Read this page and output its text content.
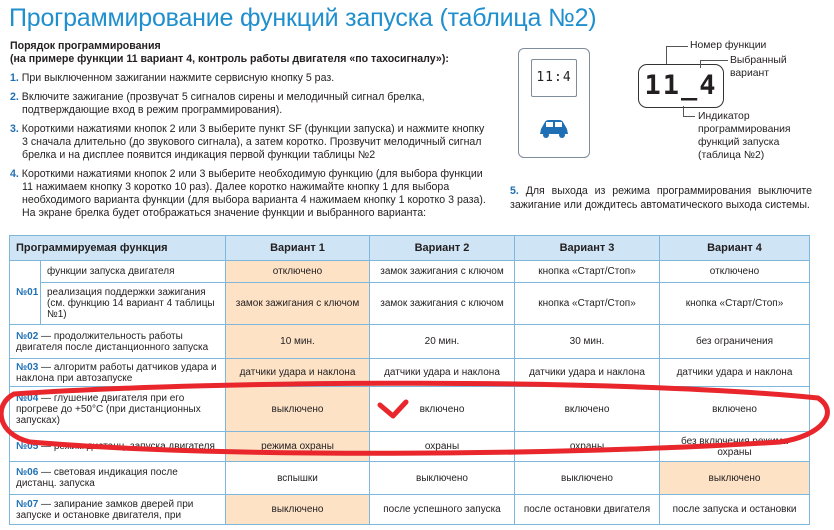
Программирование функций запуска (таблица №2)
Порядок программирования
(на примере функции 11 вариант 4, контроль работы двигателя «по тахосигналу»):
1. При выключенном зажигании нажмите сервисную кнопку 5 раз.
2. Включите зажигание (прозвучат 5 сигналов сирены и мелодичный сигнал брелка,
подтверждающие вход в режим программирования).
3. Короткими нажатиями кнопок 2 или 3 выберите пункт SF (функции запуска) и нажмите кнопку
3 сначала длительно (до звукового сигнала), а затем коротко. Прозвучит мелодичный сигнал брелка и на дисплее появится индикация первой функции таблицы №2
4. Короткими нажатиями кнопок 2 или 3 выберите необходимую функцию (для выбора функции
11 нажимаем кнопку 3 коротко 10 раз). Далее коротко нажимайте кнопку 1 для выбора необходимого варианта функции (для выбора варианта 4 нажимаем кнопку 1 коротко 3 раза). На экране брелка будет отображаться значение функции и выбранного варианта:
11:4	11_4
Номер функции
Выбранный
вариант
Индикатор
программирования
функций запуска
(таблица №2)
5. Для выхода из режима программирования выключите зажигание или дождитесь автоматического выхода системы.
Программируемая функция		Вариант 1	Вариант 2	Вариант 3	Вариант 4
№01	функции запуска двигателя	отключено	замок зажигания с ключом	кнопка «Старт/Стоп»	отключено
	реализация поддержки зажигания (см. функцию 14 вариант 4 таблицы №1)	замок зажигания с ключом	замок зажигания с ключом	кнопка «Старт/Стоп»	кнопка «Старт/Стоп»
№02 — продолжительность работы двигателя после дистанционного запуска		10 мин.	20 мин.	30 мин.	без ограничения
№03 — алгоритм работы датчиков удара и наклона при автозапуске		датчики удара и наклона	датчики удара и наклона	датчики удара и наклона	датчики удара и наклона
№04 — глушение двигателя при его прогреве до +50°С (при дистанционных запусках)		выключено	включено	включено	включено
№05 — режим дистанц. запуска двигателя		режима охраны	охраны	охраны	без включения режима охраны
№06 — световая индикация после дистанц. запуска		вспышки	выключено	выключено	выключено
№07 — запирание замков дверей при запуске и остановке двигателя, при		выключено	после успешного запуска	после остановки двигателя	после запуска и остановки
